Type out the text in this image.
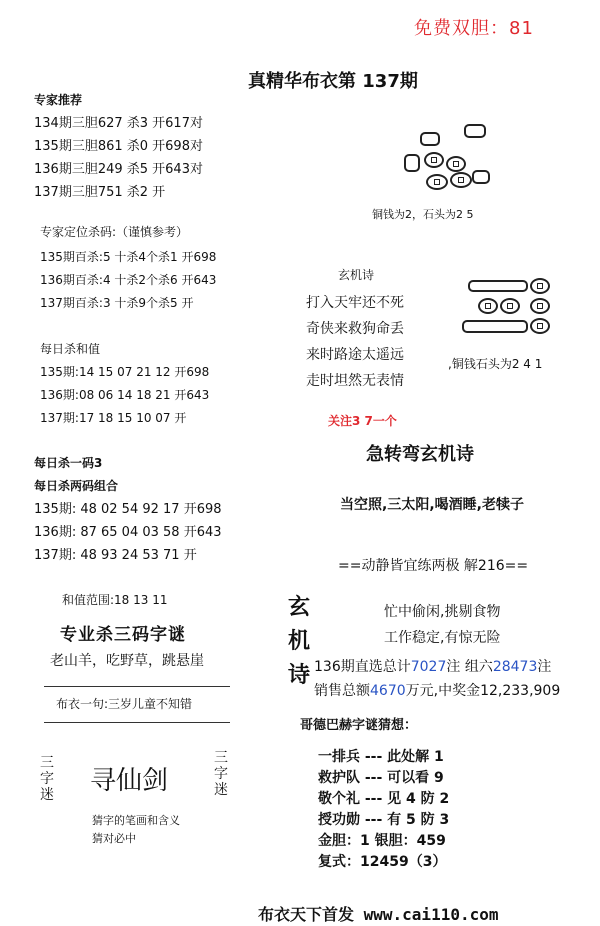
免费双胆：81
真精华布衣第 137期
专家推荐
134期三胆627 杀3 开617对
135期三胆861 杀0 开698对
136期三胆249 杀5 开643对
137期三胆751 杀2 开
专家定位杀码:（谨慎参考）
135期百杀:5 十杀4个杀1 开698
136期百杀:4 十杀2个杀6 开643
137期百杀:3 十杀9个杀5 开
每日杀和值
135期:14 15 07 21 12 开698
136期:08 06 14 18 21 开643
137期:17 18 15 10 07 开
每日杀一码3
每日杀两码组合
135期: 48 02 54 92 17 开698
136期: 87 65 04 03 58 开643
137期: 48 93 24 53 71 开
和值范围:18 13 11
专业杀三码字谜
老山羊，吃野草，跳悬崖
布衣一句:三岁儿童不知错
三字迷 寻仙剑
三字迷
猜字的笔画和含义
猜对必中
铜钱为2，石头为2 5
玄机诗
打入天牢还不死
奇侠来救狗命丢
来时路途太遥远
走时坦然无表情
,铜钱石头为2 4 1
关注3 7一个
急转弯玄机诗
当空照,三太阳,喝酒睡,老犊子
==动静皆宜练两极 解216==
玄
机
诗
忙中偷闲,挑剔食物
工作稳定,有惊无险
136期直选总计7027注 组六28473注
销售总额4670万元,中奖金12,233,909
哥德巴赫字谜猜想：
一排兵 --- 此处解 1
救护队 --- 可以看 9
敬个礼 --- 见 4 防 2
授功勋 --- 有 5 防 3
金胆：1 银胆：459
复式：12459（3）
布衣天下首发 www.cai110.com
